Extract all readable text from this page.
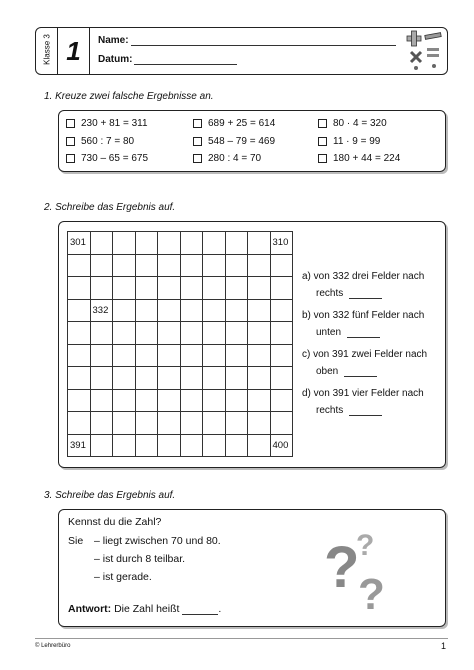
Klasse 3 1	Name:
Datum:
1. Kreuze zwei falsche Ergebnisse an.
230 + 81 = 311	689 + 25 = 614	80 · 4 = 320
560 : 7 = 80	548 – 79 = 469	11 · 9 = 99
730 – 65 = 675	280 : 4 = 70	180 + 44 = 224
2. Schreibe das Ergebnis auf.
301	310
332
391	400
a) von 332 drei Felder nach
rechts
b) von 332 fünf Felder nach
unten
c) von 391 zwei Felder nach
oben
d) von 391 vier Felder nach
rechts
3. Schreibe das Ergebnis auf.
Kennst du die Zahl?
Sie – liegt zwischen 70 und 80.
– ist durch 8 teilbar.
– ist gerade.
Antwort: Die Zahl heißt	.
?
?
?
© Lehrerbüro	1
